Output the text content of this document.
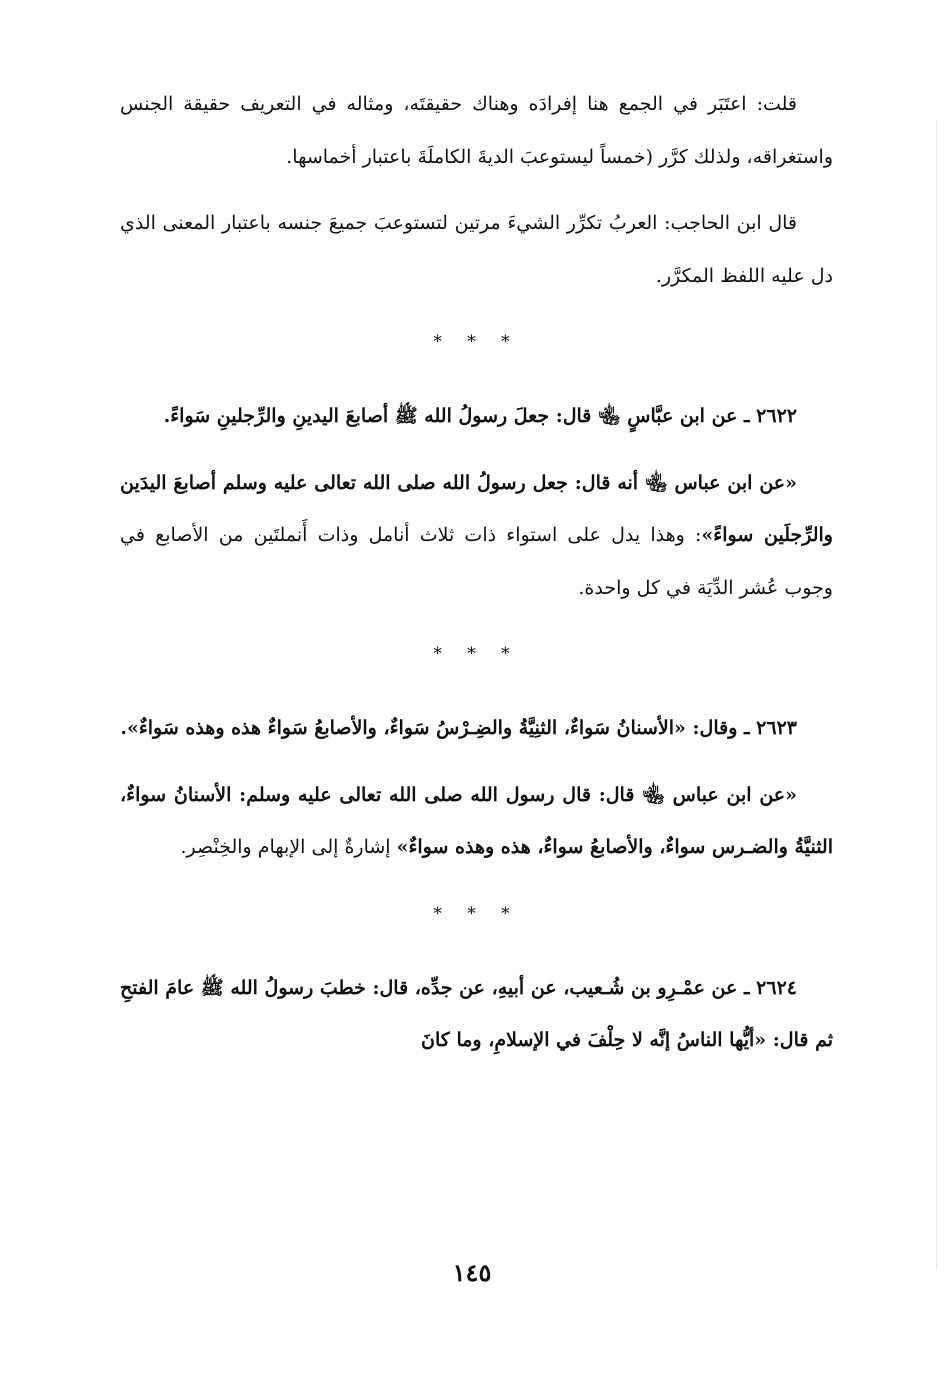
قلت: اعتَبَر في الجمع هنا إفرادَه وهناك حقيقتَه، ومثاله في التعريف حقيقة الجنس واستغراقه، ولذلك كرَّر (خمساً ليستوعبَ الديةَ الكاملَةَ باعتبار أخماسها.

قال ابن الحاجب: العربُ تكرِّر الشيءَ مرتين لتستوعبَ جميعَ جنسه باعتبار المعنى الذي دل عليه اللفظ المكرَّر.

* * *

٢٦٢٢ ـ عن ابن عبَّاسٍ ﵄ قال: جعلَ رسولُ الله ﷺ أصابعَ اليدينِ والرِّجلينِ سَواءً.

«عن ابن عباس ﵄ أنه قال: جعل رسولُ الله صلى الله تعالى عليه وسلم أصابعَ اليدَين والرِّجلَين سواءً»: وهذا يدل على استواء ذات ثلاث أنامل وذات أَنملتَين من الأصابع في وجوب عُشر الدِّيَة في كل واحدة.

* * *

٢٦٢٣ ـ وقال: «الأسنانُ سَواءٌ، الثنِيَّةُ والضِـرْسُ سَواءٌ، والأصابعُ سَواءٌ هذه وهذه سَواءٌ».

«عن ابن عباس ﵄ قال: قال رسول الله صلى الله تعالى عليه وسلم: الأسنانُ سواءٌ، الثنيَّةُ والضـرس سواءٌ، والأصابعُ سواءٌ، هذه وهذه سواءٌ» إشارةٌ إلى الإبهام والخِنْصِر.

* * *

٢٦٢٤ ـ عن عمْـرِو بن شُـعيب، عن أبيهِ، عن جدِّه، قال: خطبَ رسولُ الله ﷺ عامَ الفتحِ ثم قال: «أيُّها الناسُ إنَّه لا حِلْفَ في الإسلامِ، وما كانَ

١٤٥
